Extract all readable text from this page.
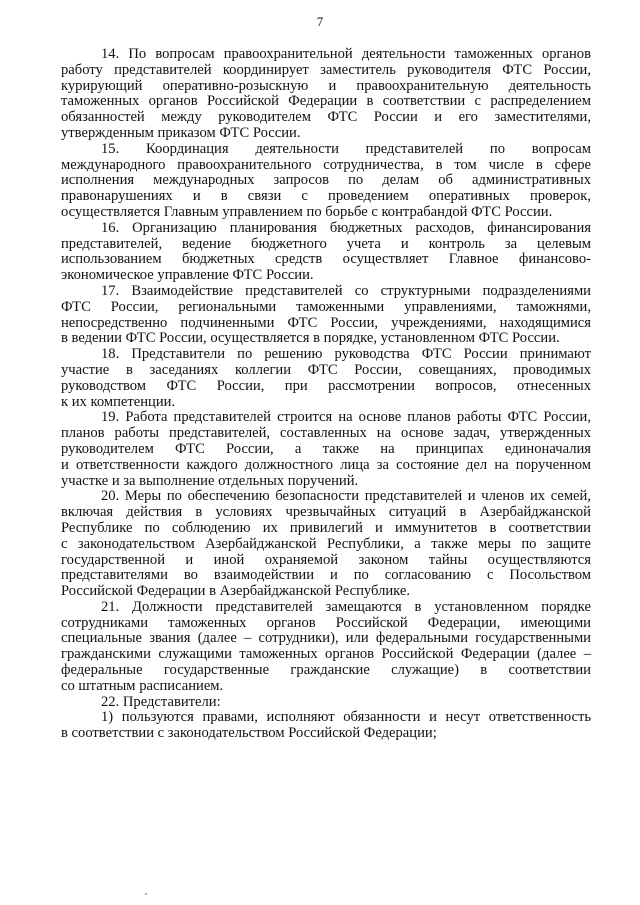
7
14. По вопросам правоохранительной деятельности таможенных органов
работу представителей координирует заместитель руководителя ФТС России,
курирующий оперативно-розыскную и правоохранительную деятельность
таможенных органов Российской Федерации в соответствии с распределением
обязанностей между руководителем ФТС России и его заместителями,
утвержденным приказом ФТС России.
15. Координация деятельности представителей по вопросам
международного правоохранительного сотрудничества, в том числе в сфере
исполнения международных запросов по делам об административных
правонарушениях и в связи с проведением оперативных проверок,
осуществляется Главным управлением по борьбе с контрабандой ФТС России.
16. Организацию планирования бюджетных расходов, финансирования
представителей, ведение бюджетного учета и контроль за целевым
использованием бюджетных средств осуществляет Главное финансово-
экономическое управление ФТС России.
17. Взаимодействие представителей со структурными подразделениями
ФТС России, региональными таможенными управлениями, таможнями,
непосредственно подчиненными ФТС России, учреждениями, находящимися
в ведении ФТС России, осуществляется в порядке, установленном ФТС России.
18. Представители по решению руководства ФТС России принимают
участие в заседаниях коллегии ФТС России, совещаниях, проводимых
руководством ФТС России, при рассмотрении вопросов, отнесенных
к их компетенции.
19. Работа представителей строится на основе планов работы ФТС России,
планов работы представителей, составленных на основе задач, утвержденных
руководителем ФТС России, а также на принципах единоначалия
и ответственности каждого должностного лица за состояние дел на порученном
участке и за выполнение отдельных поручений.
20. Меры по обеспечению безопасности представителей и членов их семей,
включая действия в условиях чрезвычайных ситуаций в Азербайджанской
Республике по соблюдению их привилегий и иммунитетов в соответствии
с законодательством Азербайджанской Республики, а также меры по защите
государственной и иной охраняемой законом тайны осуществляются
представителями во взаимодействии и по согласованию с Посольством
Российской Федерации в Азербайджанской Республике.
21. Должности представителей замещаются в установленном порядке
сотрудниками таможенных органов Российской Федерации, имеющими
специальные звания (далее – сотрудники), или федеральными государственными
гражданскими служащими таможенных органов Российской Федерации (далее –
федеральные государственные гражданские служащие) в соответствии
со штатным расписанием.
22. Представители:
1) пользуются правами, исполняют обязанности и несут ответственность
в соответствии с законодательством Российской Федерации;
